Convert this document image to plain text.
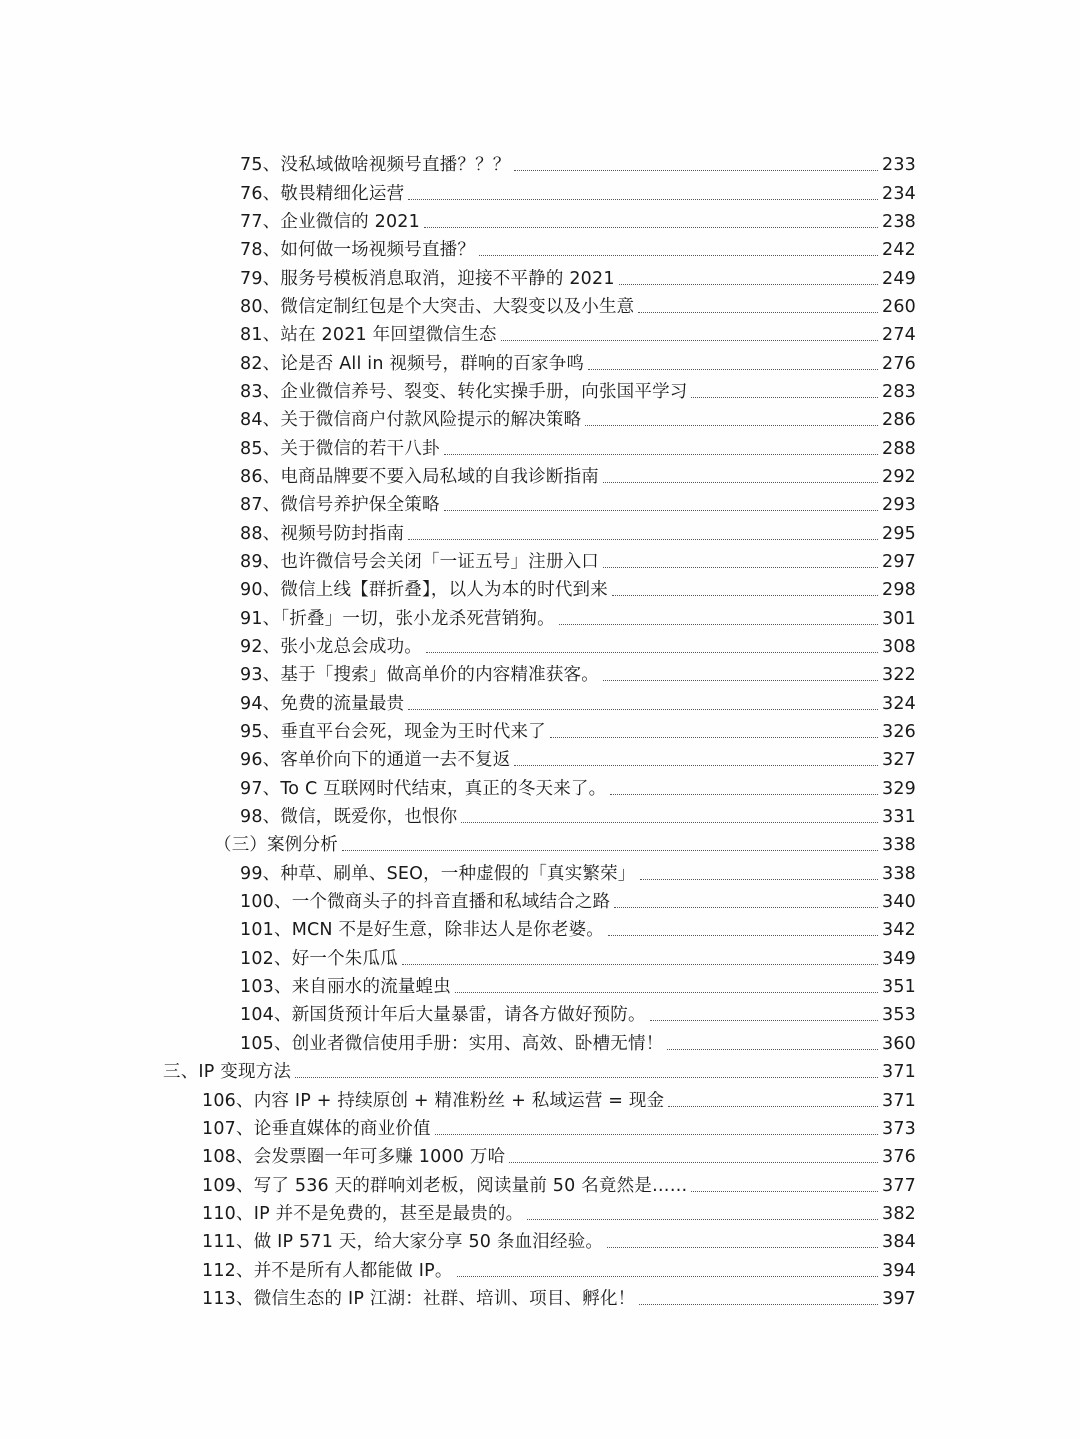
75、没私域做啥视频号直播？？？	233
76、敬畏精细化运营	234
77、企业微信的 2021	238
78、如何做一场视频号直播？	242
79、服务号模板消息取消，迎接不平静的 2021	249
80、微信定制红包是个大突击、大裂变以及小生意	260
81、站在 2021 年回望微信生态	274
82、论是否 All in 视频号，群响的百家争鸣	276
83、企业微信养号、裂变、转化实操手册，向张国平学习	283
84、关于微信商户付款风险提示的解决策略	286
85、关于微信的若干八卦	288
86、电商品牌要不要入局私域的自我诊断指南	292
87、微信号养护保全策略	293
88、视频号防封指南	295
89、也许微信号会关闭「一证五号」注册入口	297
90、微信上线【群折叠】，以人为本的时代到来	298
91、「折叠」一切，张小龙杀死营销狗。	301
92、张小龙总会成功。	308
93、基于「搜索」做高单价的内容精准获客。	322
94、免费的流量最贵	324
95、垂直平台会死，现金为王时代来了	326
96、客单价向下的通道一去不复返	327
97、To C 互联网时代结束，真正的冬天来了。	329
98、微信，既爱你，也恨你	331
（三）案例分析	338
99、种草、刷单、SEO，一种虚假的「真实繁荣」	338
100、一个微商头子的抖音直播和私域结合之路	340
101、MCN 不是好生意，除非达人是你老婆。	342
102、好一个朱瓜瓜	349
103、来自丽水的流量蝗虫	351
104、新国货预计年后大量暴雷，请各方做好预防。	353
105、创业者微信使用手册：实用、高效、卧槽无情！	360
三、IP 变现方法	371
106、内容 IP + 持续原创 + 精准粉丝 + 私域运营 = 现金	371
107、论垂直媒体的商业价值	373
108、会发票圈一年可多赚 1000 万哈	376
109、写了 536 天的群响刘老板，阅读量前 50 名竟然是……	377
110、IP 并不是免费的，甚至是最贵的。	382
111、做 IP 571 天，给大家分享 50 条血泪经验。	384
112、并不是所有人都能做 IP。	394
113、微信生态的 IP 江湖：社群、培训、项目、孵化！	397
